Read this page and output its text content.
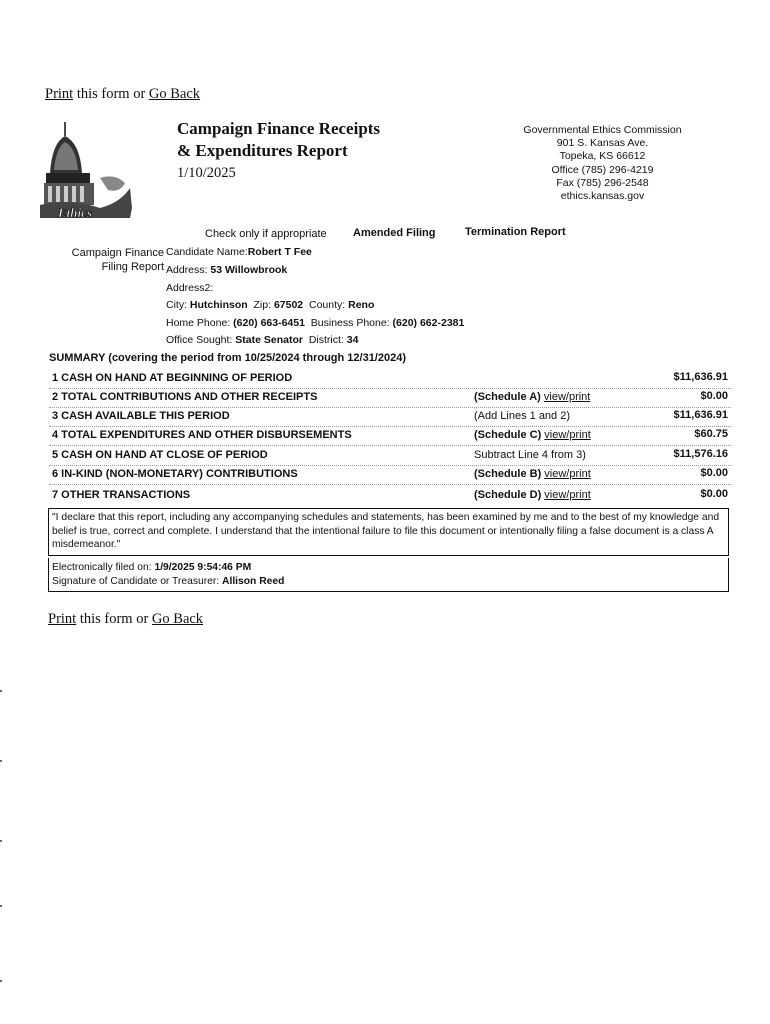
Print this form or Go Back
Ethics
Campaign Finance Receipts
& Expenditures Report
1/10/2025
Governmental Ethics Commission
901 S. Kansas Ave.
Topeka, KS 66612
Office (785) 296-4219
Fax (785) 296-2548
ethics.kansas.gov
Check only if appropriate Amended Filing	Termination Report
Campaign Finance
Filing Report
Candidate Name:Robert T Fee
Address: 53 Willowbrook
Address2:
City: Hutchinson Zip: 67502 County: Reno
Home Phone: (620) 663-6451 Business Phone: (620) 662-2381
Office Sought: State Senator District: 34
SUMMARY (covering the period from 10/25/2024 through 12/31/2024)
1 CASH ON HAND AT BEGINNING OF PERIOD	$11,636.91
2 TOTAL CONTRIBUTIONS AND OTHER RECEIPTS	(Schedule A) view/print	$0.00
3 CASH AVAILABLE THIS PERIOD	(Add Lines 1 and 2)	$11,636.91
4 TOTAL EXPENDITURES AND OTHER DISBURSEMENTS	(Schedule C) view/print	$60.75
5 CASH ON HAND AT CLOSE OF PERIOD	Subtract Line 4 from 3)	$11,576.16
6 IN-KIND (NON-MONETARY) CONTRIBUTIONS	(Schedule B) view/print	$0.00
7 OTHER TRANSACTIONS	(Schedule D) view/print	$0.00
"I declare that this report, including any accompanying schedules and statements, has been examined by me and to the best of my knowledge and belief is true, correct and complete. I understand that the intentional failure to file this document or intentionally filing a false document is a class A misdemeanor."
Electronically filed on: 1/9/2025 9:54:46 PM
Signature of Candidate or Treasurer: Allison Reed
Print this form or Go Back
